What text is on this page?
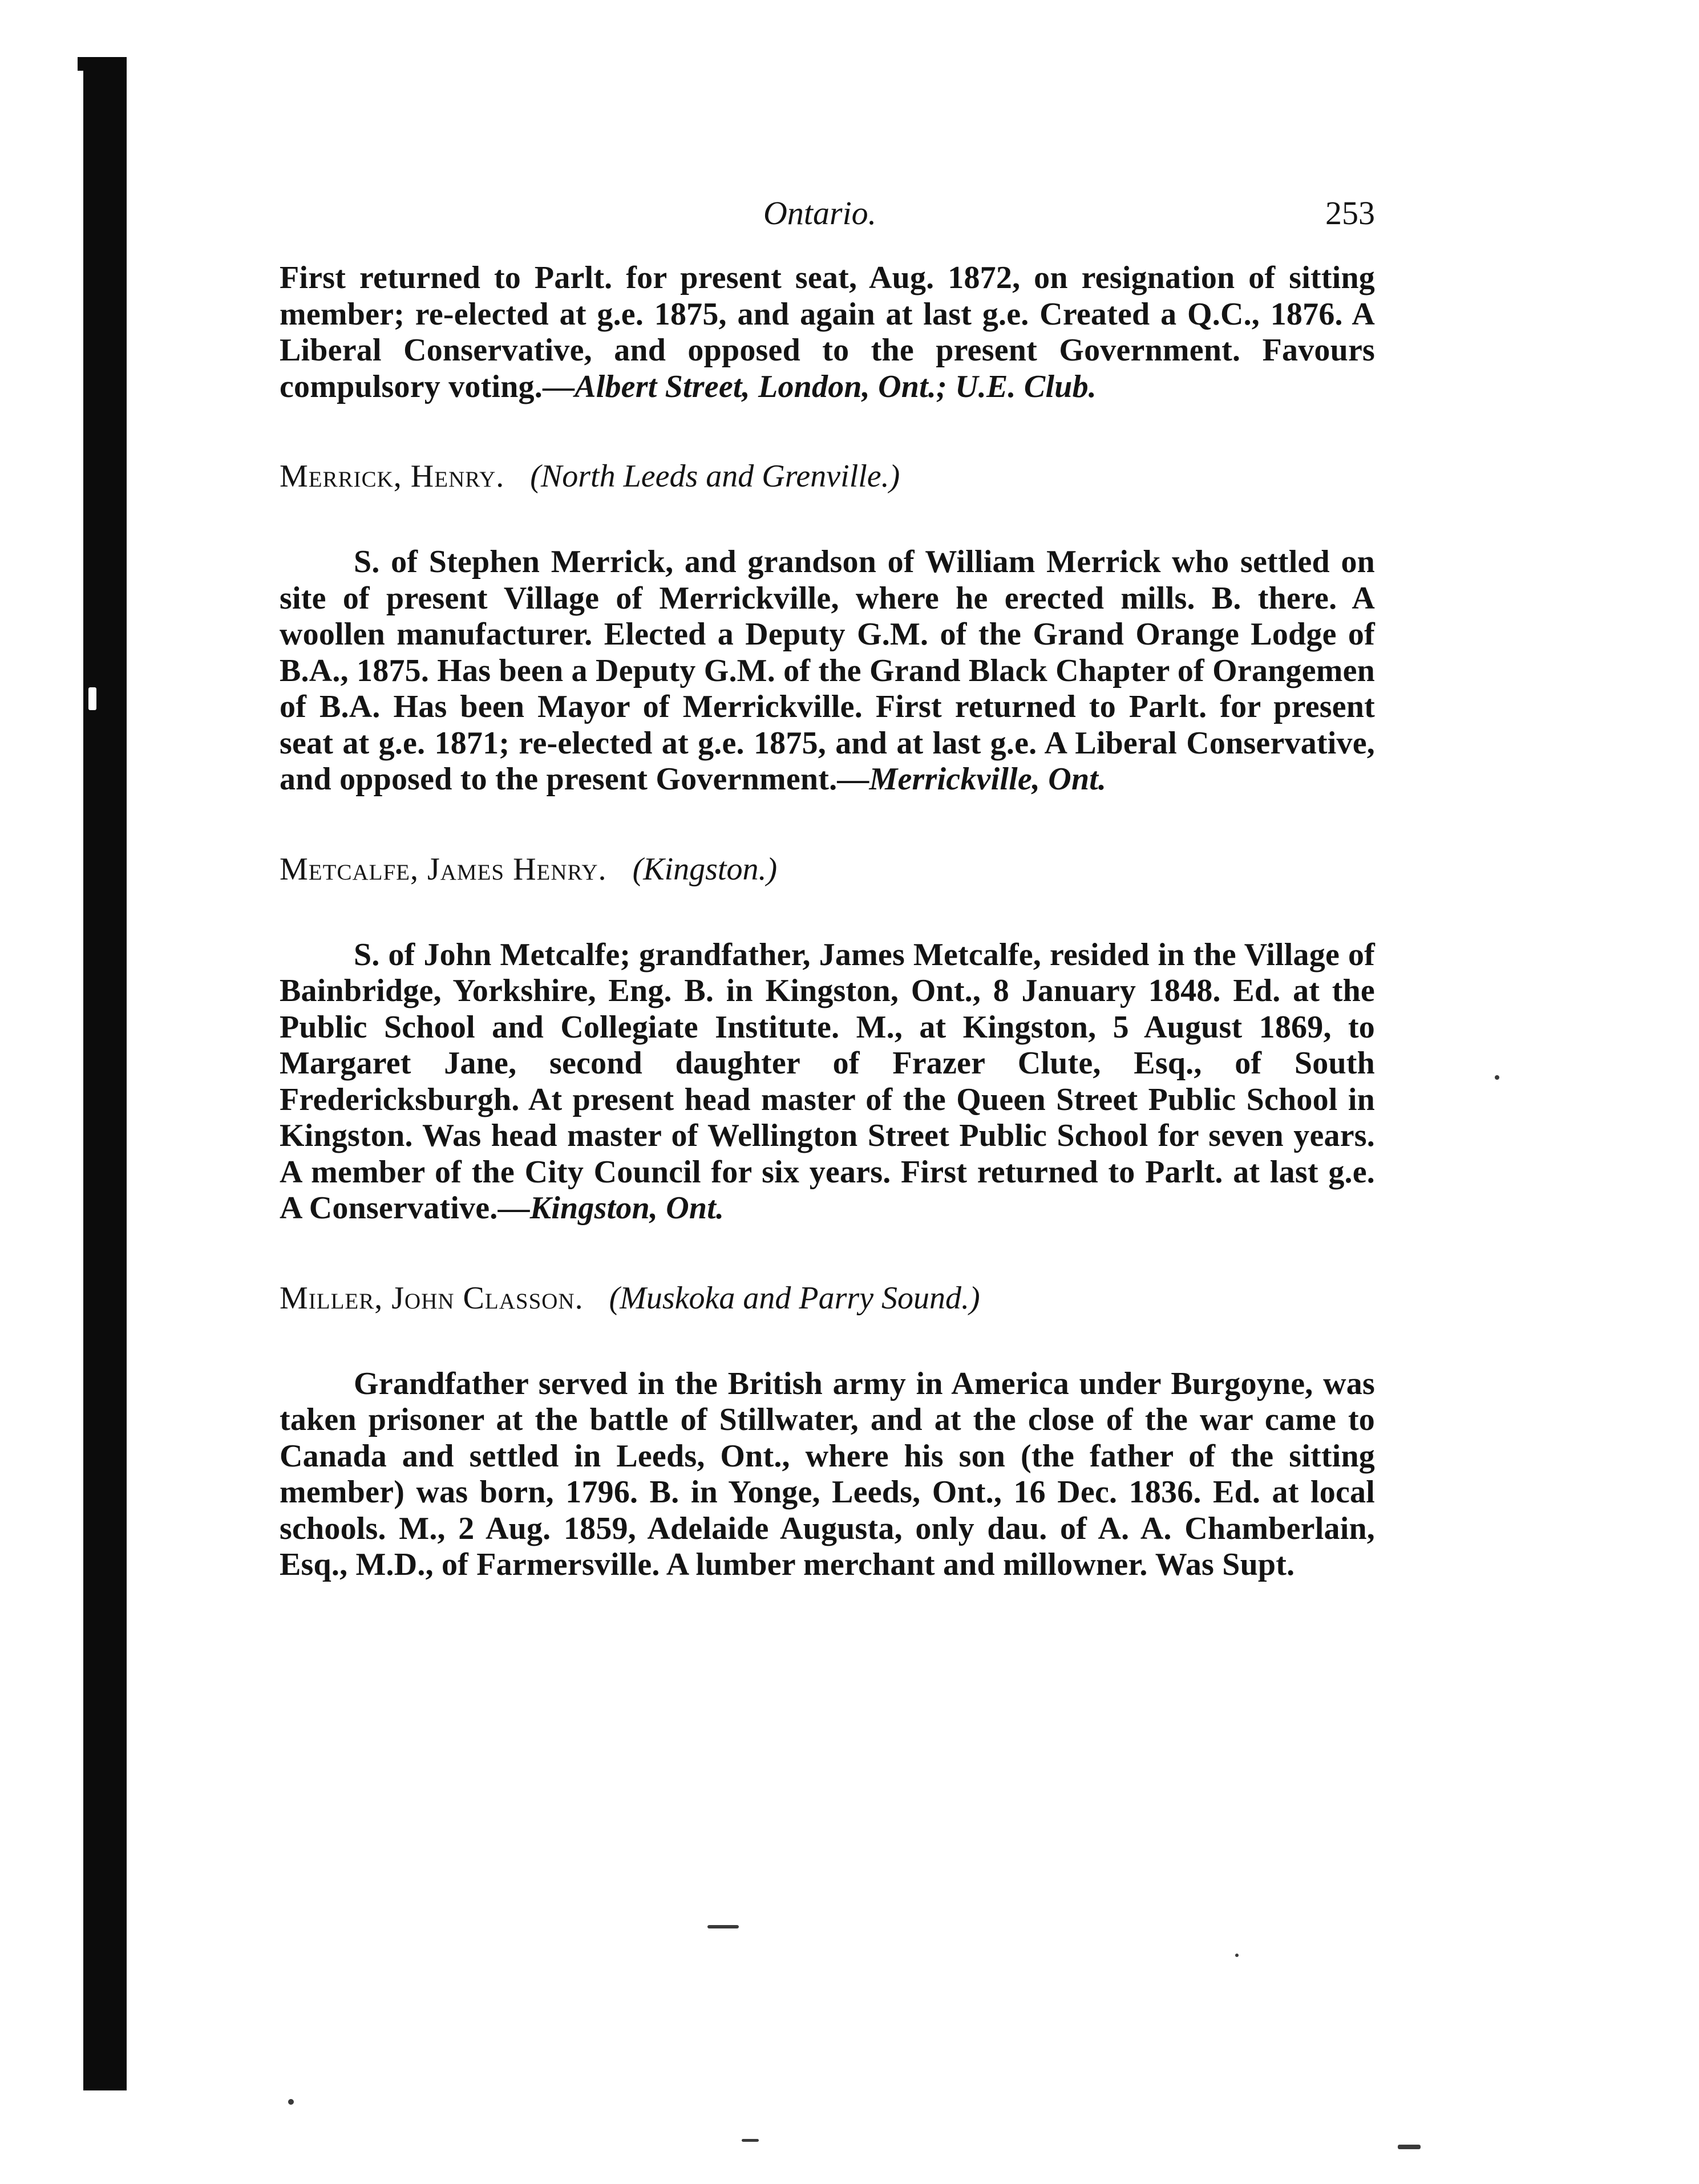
Ontario.	253

First returned to Parlt. for present seat, Aug. 1872, on resignation of sitting member; re-elected at g.e. 1875, and again at last g.e. Created a Q.C., 1876. A Liberal Conservative, and opposed to the present Government. Favours compulsory voting.—Albert Street, London, Ont.; U.E. Club.

Merrick, Henry. (North Leeds and Grenville.)

S. of Stephen Merrick, and grandson of William Merrick who settled on site of present Village of Merrickville, where he erected mills. B. there. A woollen manufacturer. Elected a Deputy G.M. of the Grand Orange Lodge of B.A., 1875. Has been a Deputy G.M. of the Grand Black Chapter of Orangemen of B.A. Has been Mayor of Merrickville. First returned to Parlt. for present seat at g.e. 1871; re-elected at g.e. 1875, and at last g.e. A Liberal Conservative, and opposed to the present Government.—Merrickville, Ont.

Metcalfe, James Henry. (Kingston.)

S. of John Metcalfe; grandfather, James Metcalfe, resided in the Village of Bainbridge, Yorkshire, Eng. B. in Kingston, Ont., 8 January 1848. Ed. at the Public School and Collegiate Institute. M., at Kingston, 5 August 1869, to Margaret Jane, second daughter of Frazer Clute, Esq., of South Fredericksburgh. At present head master of the Queen Street Public School in Kingston. Was head master of Wellington Street Public School for seven years. A member of the City Council for six years. First returned to Parlt. at last g.e. A Conservative.—Kingston, Ont.

Miller, John Classon. (Muskoka and Parry Sound.)

Grandfather served in the British army in America under Burgoyne, was taken prisoner at the battle of Stillwater, and at the close of the war came to Canada and settled in Leeds, Ont., where his son (the father of the sitting member) was born, 1796. B. in Yonge, Leeds, Ont., 16 Dec. 1836. Ed. at local schools. M., 2 Aug. 1859, Adelaide Augusta, only dau. of A. A. Chamberlain, Esq., M.D., of Farmersville. A lumber merchant and millowner. Was Supt.
